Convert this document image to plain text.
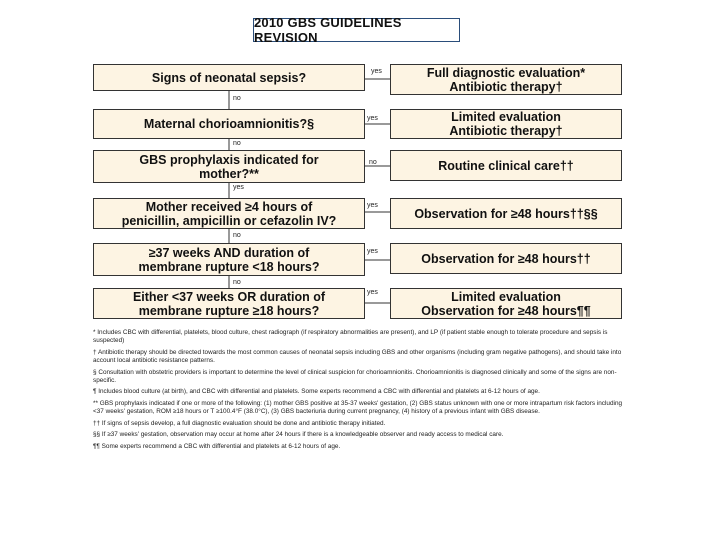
2010 GBS GUIDELINES REVISION
Signs of neonatal sepsis?
Maternal chorioamnionitis?§
GBS prophylaxis indicated for
mother?**
Mother received ≥4 hours of
penicillin, ampicillin or cefazolin IV?
≥37 weeks AND duration of
membrane rupture <18 hours?
Either <37 weeks OR duration of
membrane rupture ≥18 hours?
Full diagnostic evaluation*
Antibiotic therapy†
Limited evaluation
Antibiotic therapy†
Routine clinical care††
Observation for ≥48 hours††§§
Observation for ≥48 hours††
Limited evaluation
Observation for ≥48 hours¶¶
yes
no
yes
no
no
yes
yes
no
yes
no
yes

* Includes CBC with differential, platelets, blood culture, chest radiograph (if respiratory abnormalities are present), and LP (if patient stable enough to tolerate procedure and sepsis is suspected)

† Antibiotic therapy should be directed towards the most common causes of neonatal sepsis including GBS and other organisms (including gram negative pathogens), and should take into account local antibiotic resistance patterns.

§ Consultation with obstetric providers is important to determine the level of clinical suspicion for chorioamnionitis. Chorioamnionitis is diagnosed clinically and some of the signs are non-specific.

¶ Includes blood culture (at birth), and CBC with differential and platelets. Some experts recommend a CBC with differential and platelets at 6-12 hours of age.

** GBS prophylaxis indicated if one or more of the following: (1) mother GBS positive at 35-37 weeks' gestation, (2) GBS status unknown with one or more intrapartum risk factors including <37 weeks' gestation, ROM ≥18 hours or T ≥100.4°F (38.0°C), (3) GBS bacteriuria during current pregnancy, (4) history of a previous infant with GBS disease.

†† If signs of sepsis develop, a full diagnostic evaluation should be done and antibiotic therapy initiated.

§§ If ≥37 weeks' gestation, observation may occur at home after 24 hours if there is a knowledgeable observer and ready access to medical care.

¶¶ Some experts recommend a CBC with differential and platelets at 6-12 hours of age.
